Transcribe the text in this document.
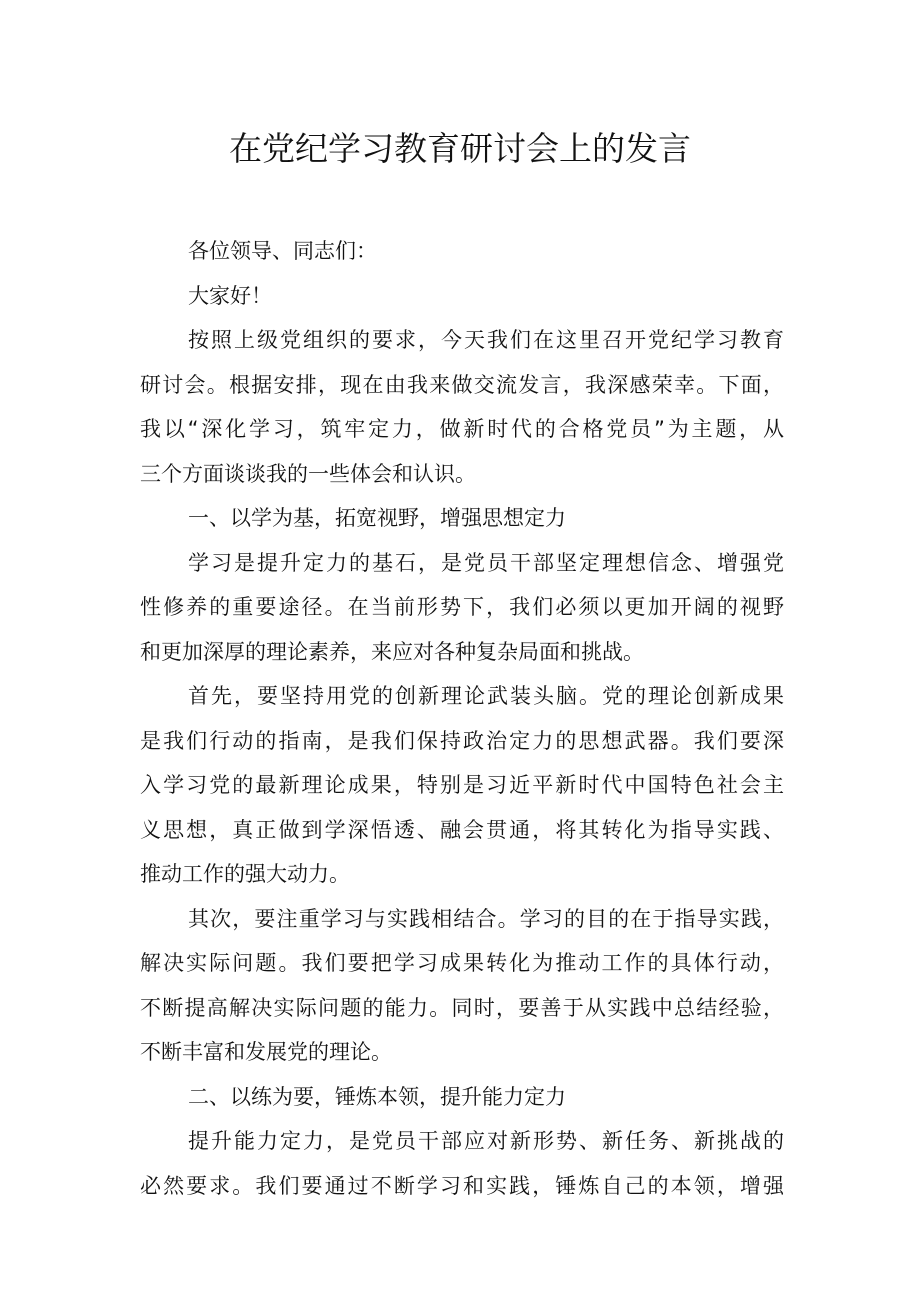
在党纪学习教育研讨会上的发言
各位领导、同志们：
大家好！
按照上级党组织的要求，今天我们在这里召开党纪学习教育
研讨会。根据安排，现在由我来做交流发言，我深感荣幸。下面，
我以“深化学习，筑牢定力，做新时代的合格党员”为主题，从
三个方面谈谈我的一些体会和认识。
一、以学为基，拓宽视野，增强思想定力
学习是提升定力的基石，是党员干部坚定理想信念、增强党
性修养的重要途径。在当前形势下，我们必须以更加开阔的视野
和更加深厚的理论素养，来应对各种复杂局面和挑战。
首先，要坚持用党的创新理论武装头脑。党的理论创新成果
是我们行动的指南，是我们保持政治定力的思想武器。我们要深
入学习党的最新理论成果，特别是习近平新时代中国特色社会主
义思想，真正做到学深悟透、融会贯通，将其转化为指导实践、
推动工作的强大动力。
其次，要注重学习与实践相结合。学习的目的在于指导实践，
解决实际问题。我们要把学习成果转化为推动工作的具体行动，
不断提高解决实际问题的能力。同时，要善于从实践中总结经验，
不断丰富和发展党的理论。
二、以练为要，锤炼本领，提升能力定力
提升能力定力，是党员干部应对新形势、新任务、新挑战的
必然要求。我们要通过不断学习和实践，锤炼自己的本领，增强
